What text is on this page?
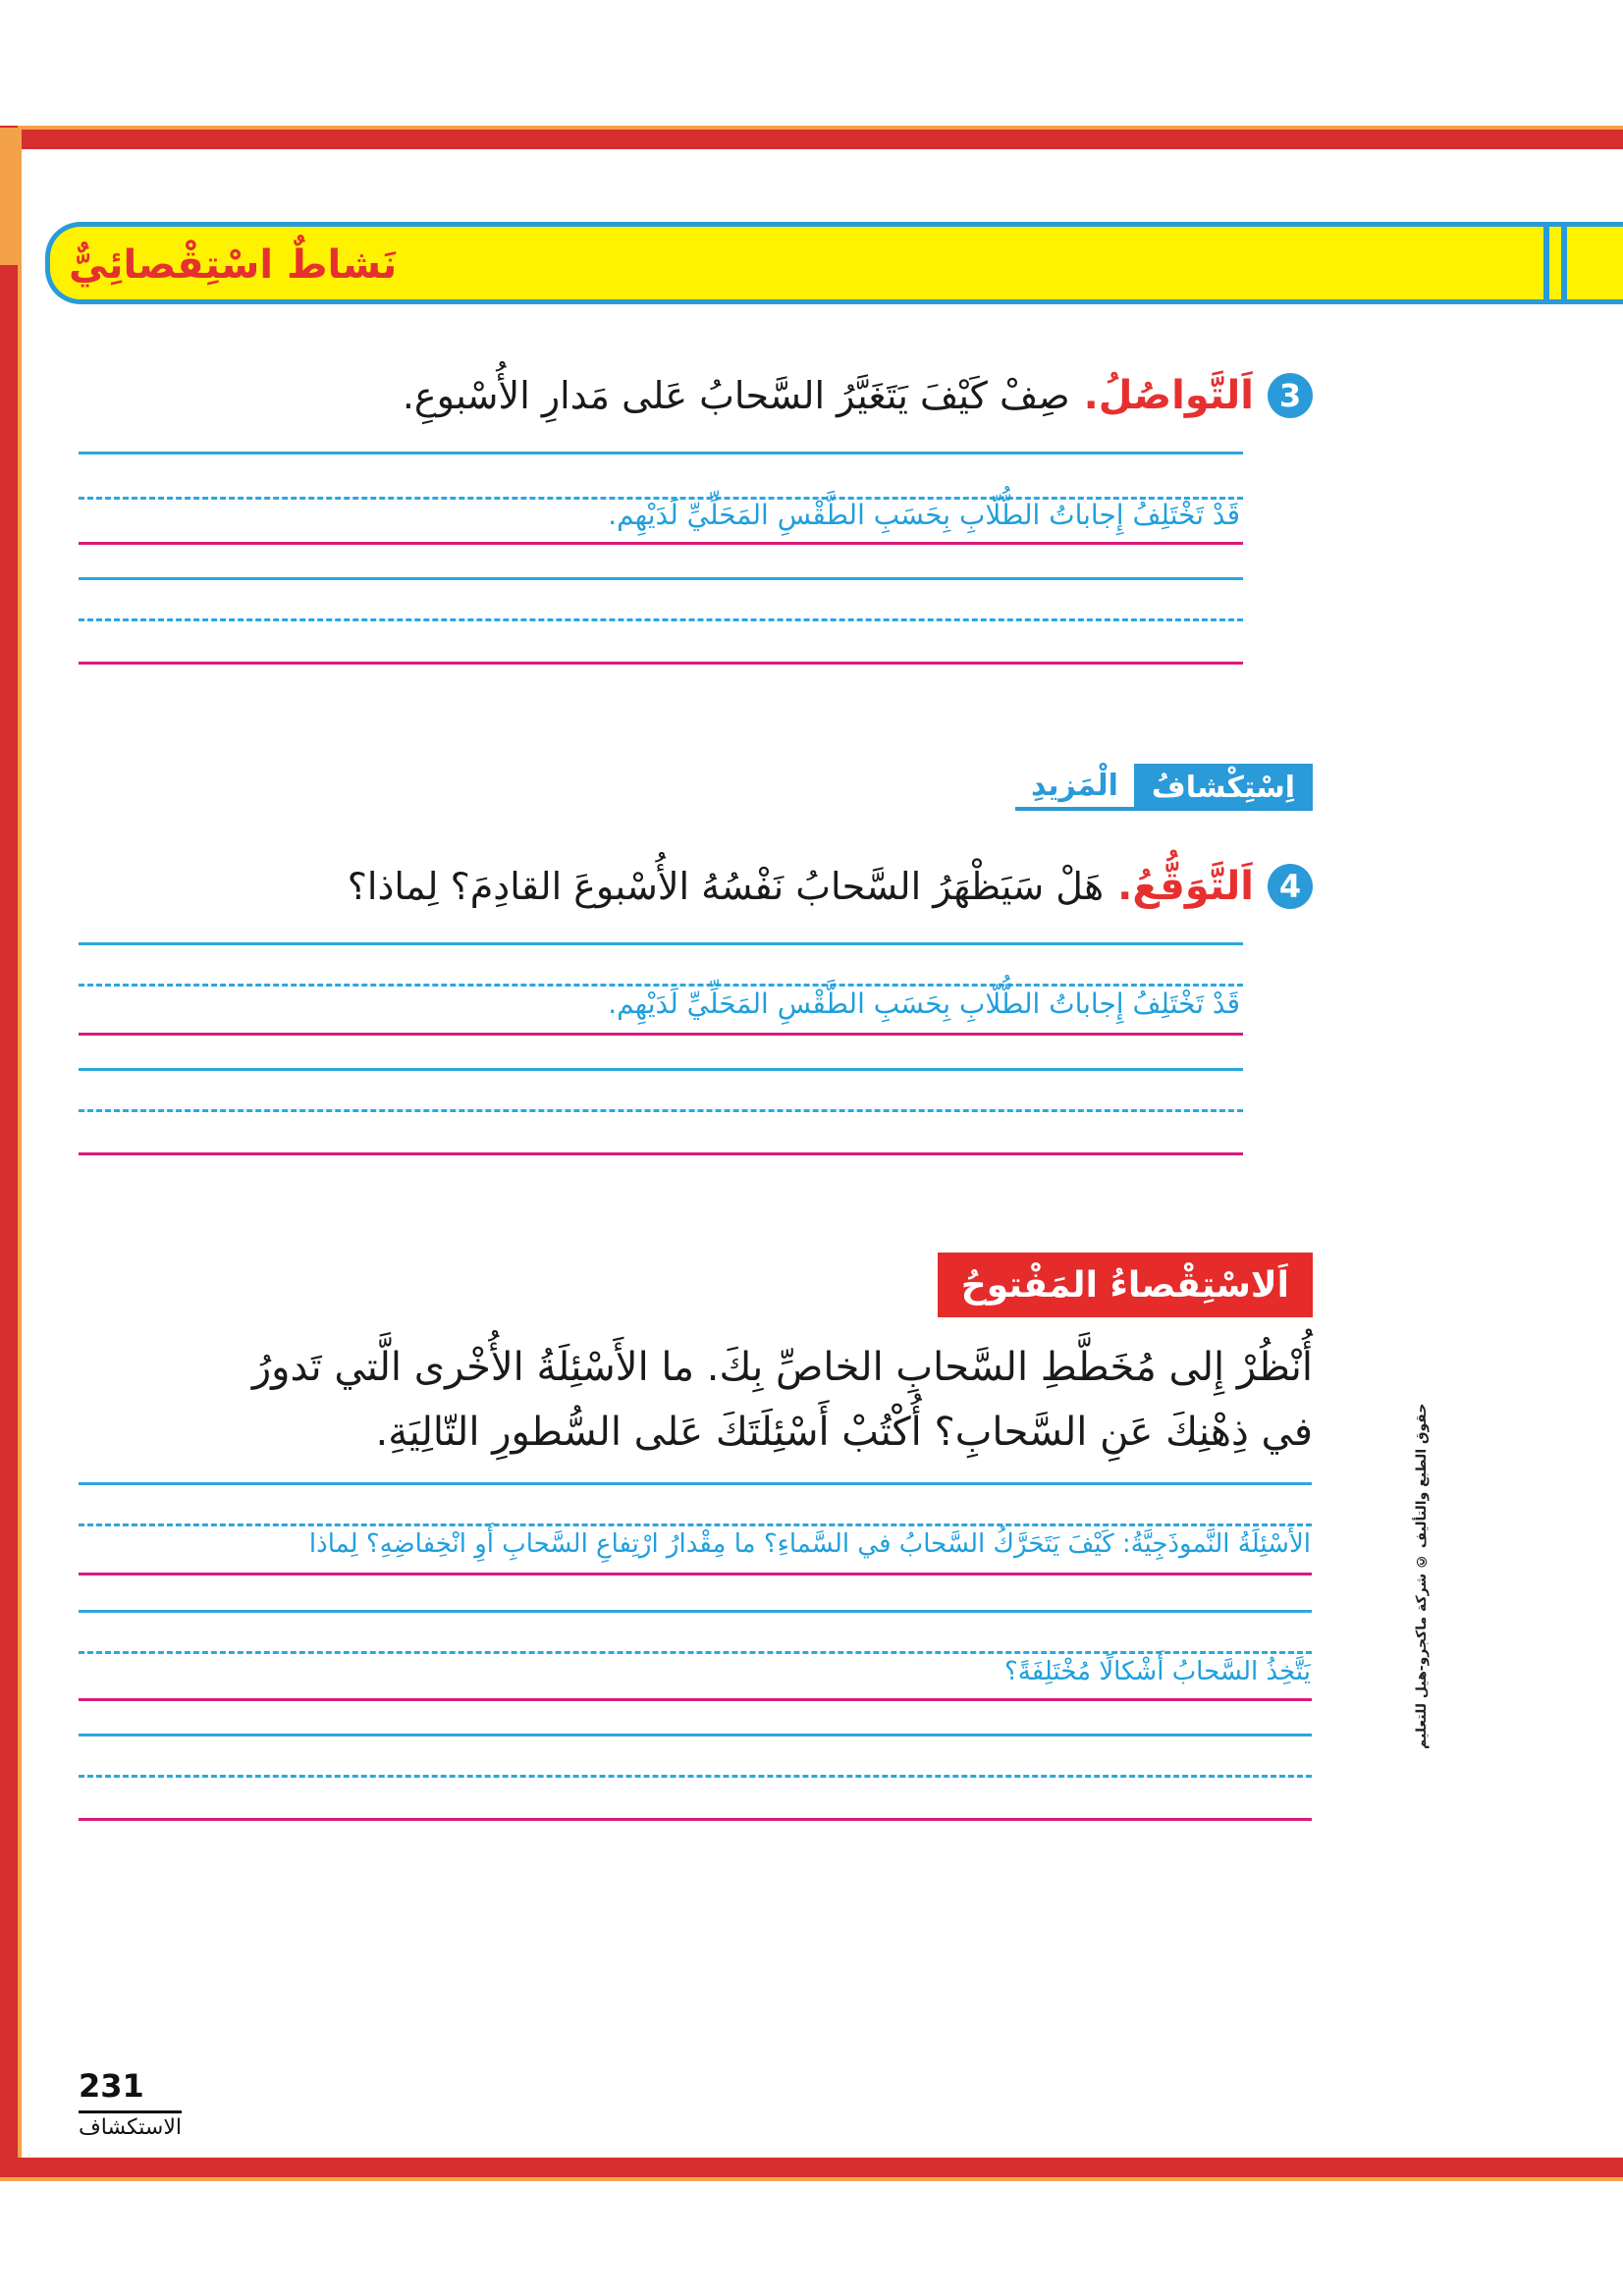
نَشاطٌ اسْتِقْصائِيٌّ
3
اَلتَّواصُلُ.
صِفْ كَيْفَ يَتَغَيَّرُ السَّحابُ عَلى مَدارِ الأُسْبوعِ.
قَدْ تَخْتَلِفُ إِجاباتُ الطُّلّابِ بِحَسَبِ الطَّقْسِ المَحَلِّيِّ لَدَيْهِم.
اِسْتِكْشافُ
الْمَزيدِ
4
اَلتَّوَقُّعُ.
هَلْ سَيَظْهَرُ السَّحابُ نَفْسُهُ الأُسْبوعَ القادِمَ؟ لِماذا؟
قَدْ تَخْتَلِفُ إِجاباتُ الطُّلّابِ بِحَسَبِ الطَّقْسِ المَحَلِّيِّ لَدَيْهِم.
اَلاسْتِقْصاءُ المَفْتوحُ
أُنْظُرْ إِلى مُخَطَّطِ السَّحابِ الخاصِّ بِكَ. ما الأَسْئِلَةُ الأُخْرى الَّتي تَدورُ
في ذِهْنِكَ عَنِ السَّحابِ؟ أُكْتُبْ أَسْئِلَتَكَ عَلى السُّطورِ التّالِيَةِ.
الأَسْئِلَةُ النَّموذَجِيَّةُ: كَيْفَ يَتَحَرَّكُ السَّحابُ في السَّماءِ؟ ما مِقْدارُ ارْتِفاعِ السَّحابِ أَوِ انْخِفاضِهِ؟ لِماذا
يَتَّخِذُ السَّحابُ أَشْكالًا مُخْتَلِفَةً؟	حقوق الطبع والتأليف © شركة ماكجرو-هيل للتعليم
231
الاستكشاف
